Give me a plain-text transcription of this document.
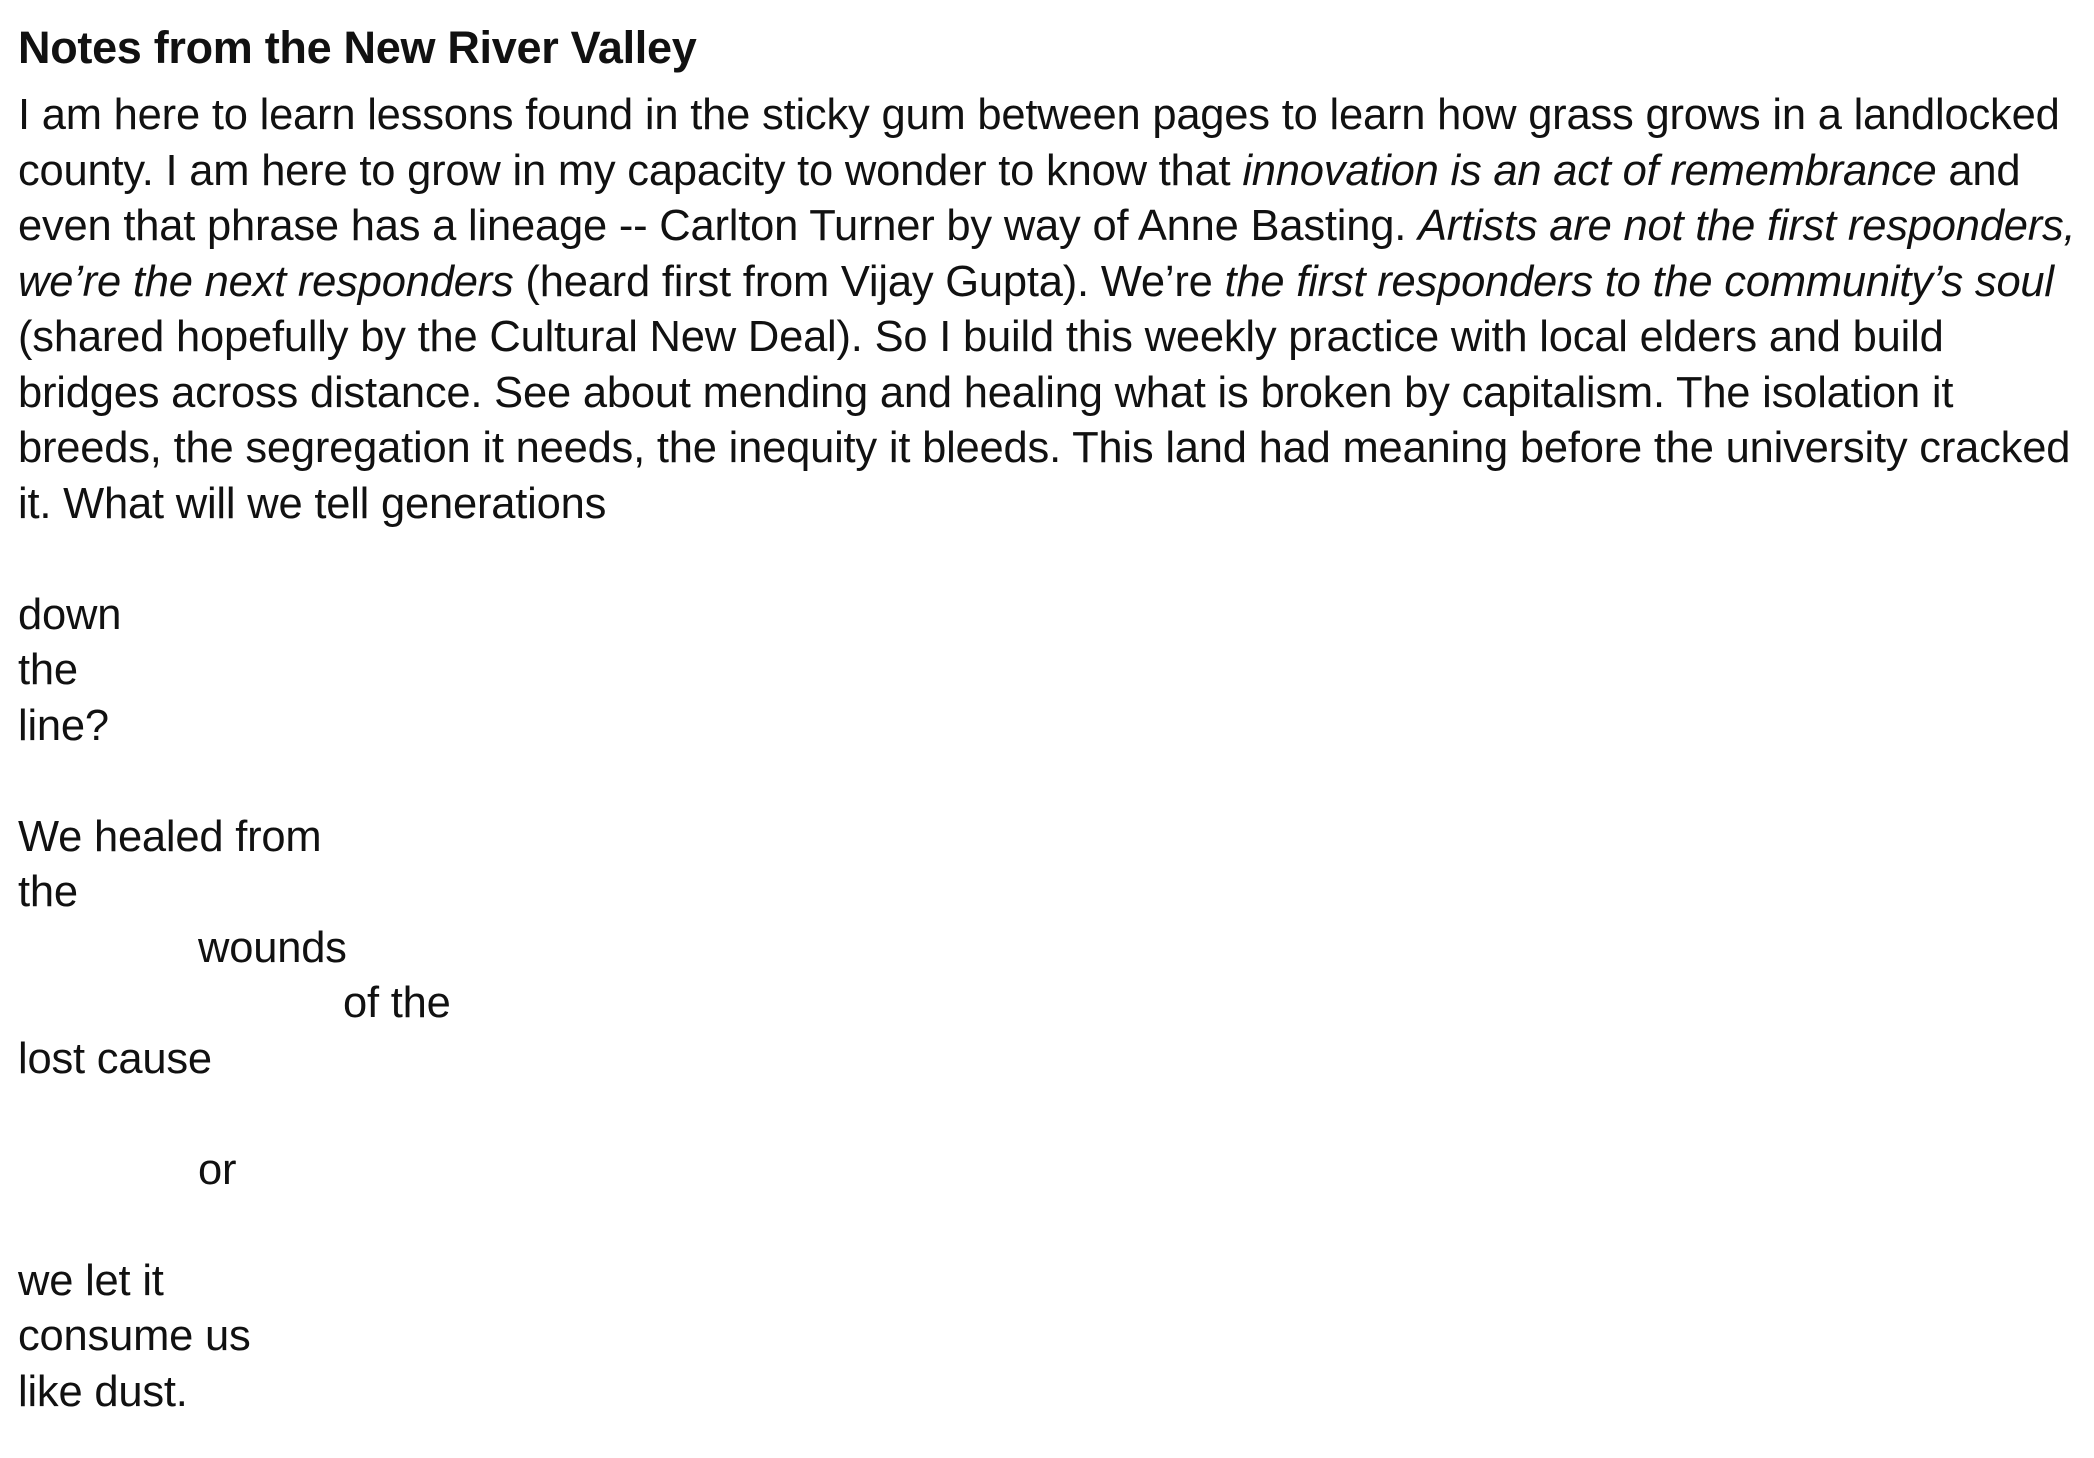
Notes from the New River Valley

I am here to learn lessons found in the sticky gum between pages to learn how grass grows in a landlocked county. I am here to grow in my capacity to wonder to know that innovation is an act of remembrance and even that phrase has a lineage -- Carlton Turner by way of Anne Basting. Artists are not the first responders, we’re the next responders (heard first from Vijay Gupta). We’re the first responders to the community’s soul (shared hopefully by the Cultural New Deal). So I build this weekly practice with local elders and build bridges across distance. See about mending and healing what is broken by capitalism. The isolation it breeds, the segregation it needs, the inequity it bleeds. This land had meaning before the university cracked it. What will we tell generations

down
the
line?
We healed from
the
wounds
of the
lost cause
or
we let it
consume us
like dust.
